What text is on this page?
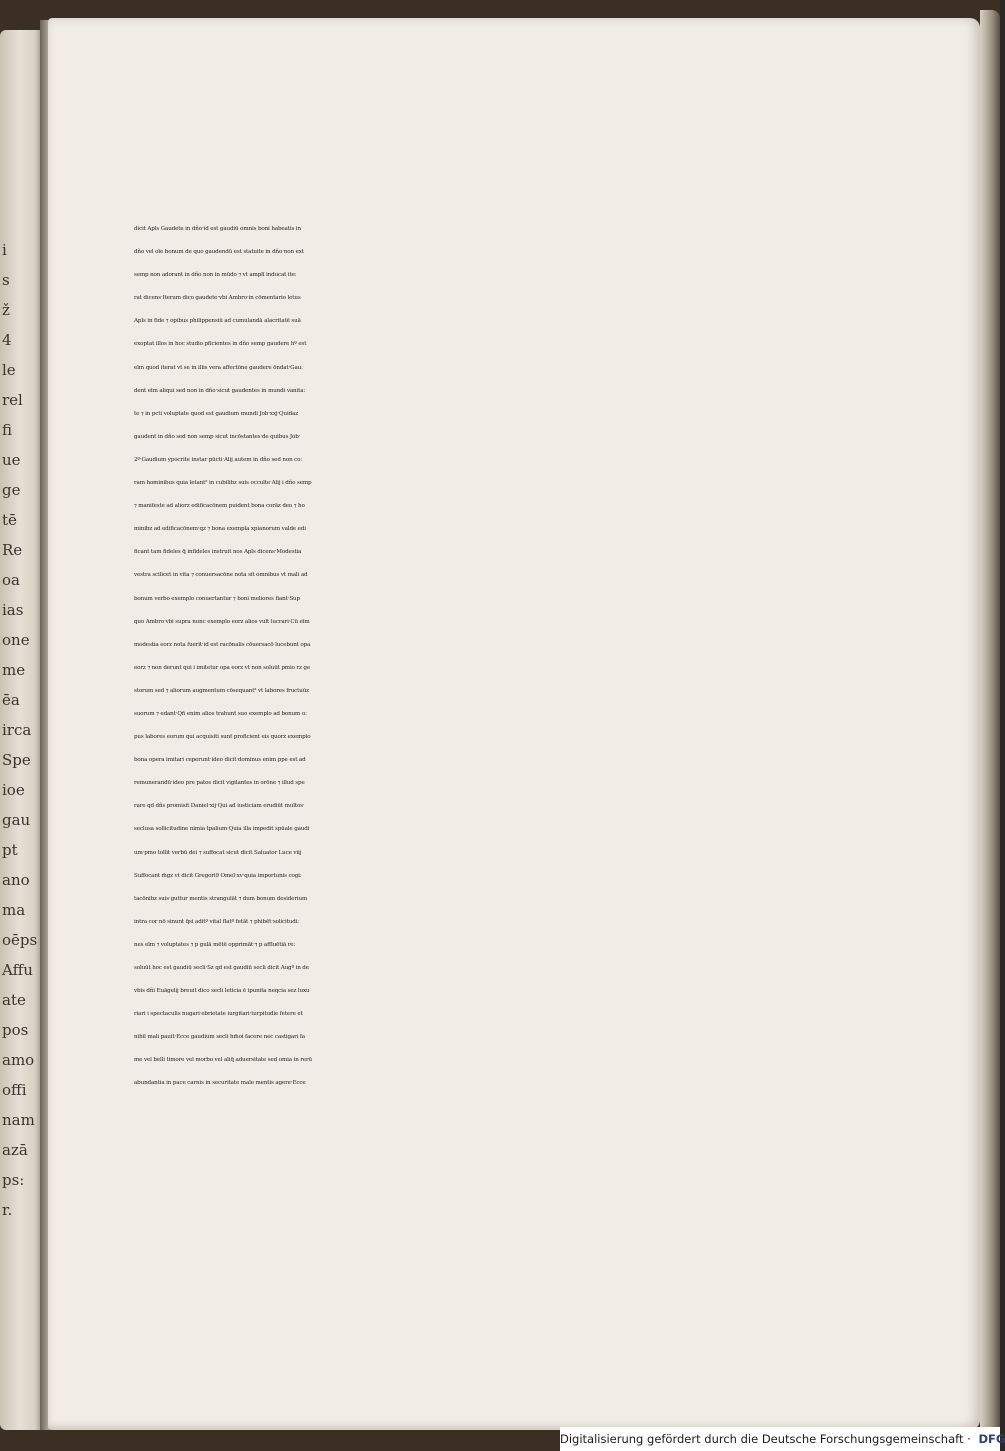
i
s
ž
4
le
rel
fi
ue
ge
tē
Re
oa
ias
one
me
ēa
irca
Spe
ioe
gau
pt
ano
ma
oēps
Affu
ate
pos
amo
offi
nam
azā
ps:
r.
dicit Apls Gaudete in dño·id est gaudiū omnis boni habeatis in
dño vel oīe bonum de quo gaudendū est statuite in dño·non ext
semp non adorant in dño non in mūdo ⁊ vt amplī inducat ite:
rat dicens·Iterum dico gaudete·vbi Ambro·in cōmentario letus
Apls in fide ⁊ opibus philippensiū ad cumulandā alacritatē suā
exoptat illos in hoc studio pficientes in dño semp gaudere hº est
eīm quod iterat vt se in illis vera affectōne gaudere ōndat·Gau:
dent eīm aliqui sed non in dño·sicut gaudentes in mundi vanita:
te ⁊ in pcti voluptate quod est gaudium mundi Job·xxj·Quidaz
gaudent in dño sed non semp sicut incōstantes·de quibus Job·
2º·Gaudium ypocrite instar pūcti·Alij autem in dño sed non co:
ram hominibus quia letant² in cubilibz suis occulte·Alij i dño semp
⁊ manifeste ad aliorz edificacōnem puident bona corāz deo ⁊ ho
minibz ad edificacōnem·qz ⁊ bona exempla xpianorum valde edi
ficant tam fideles q̄ infideles instruit nos Apls dicens·Modestia
vestra scilicet in vita ⁊ conuersacōne nota sit omnibus vt mali ad
bonum verbo exemplo conuertantur ⁊ boni meliores fiant·Sup
quo Ambro·vbi supra nunc exemplo eorz alios vult lucrari·Cū eīm
modestia eorz nota fuerit·id est racōnalis cōuersacō lucebunt opa
eorz ⁊ non derunt qui i imitetur opa eorz vt non soluūt pmio rz ge
storum sed ⁊ aliorum augmentum cōsequant² vt labores fructuūz
suorum ⁊ edant·Qn̄ enim alios trahunt suo exemplo ad bonum o:
pus labores eorum qui acquisiti sunt proficient eis quorz exemplo
bona opera imitari ceperunt·ideo dicit·dominus enim ppe est ad
remunerandū·ideo pre patos dicit vigilantes in orōne ⁊ illud spe
rare qd dñs promisit Daniel·xij·Qui ad iusticiam erudiūt multos·
seclusa sollicitudine nimia tpalium·Quia illa impedit spūale gaudi
um·pmo tollit verbū dei ⁊ suffocat sicut dicit Saluator Luce viij
Suffocant m̄gz vt dicit Gregori9 Omel·xv·quia importunis cogi:
tacōnibz suis·guttur mentis strangulāt ⁊ dum bonum desiderium
intra cor nō sinunt q̄si aditº vital flatº fetāt ⁊ phibēt·solicitudi:
nes eīm ⁊ voluptates ⁊ p gulā mētē opprimāt·⁊ p affluētiā re:
soluūt hoc est gaudiū secli·Sz qd est gaudiū secli dicit Augº in de
vbis dñi Euāgelij breuit dico secli leticia ē ipunita neqcia sez luxu
riari i spectaculis nugari·ebrietate iurgitari·turpitudie fetere et
nihil mali pauit·Ecce gaudium secli hm̄oi facere nec castigari fa
me vel belli timore vel morbo vel aliq̄ aduersitate sed omia in rerū
abundantia in pace carnis in securitate male mentis agere·Ecce
Digitalisierung gefördert durch die Deutsche Forschungsgemeinschaft · DFG
